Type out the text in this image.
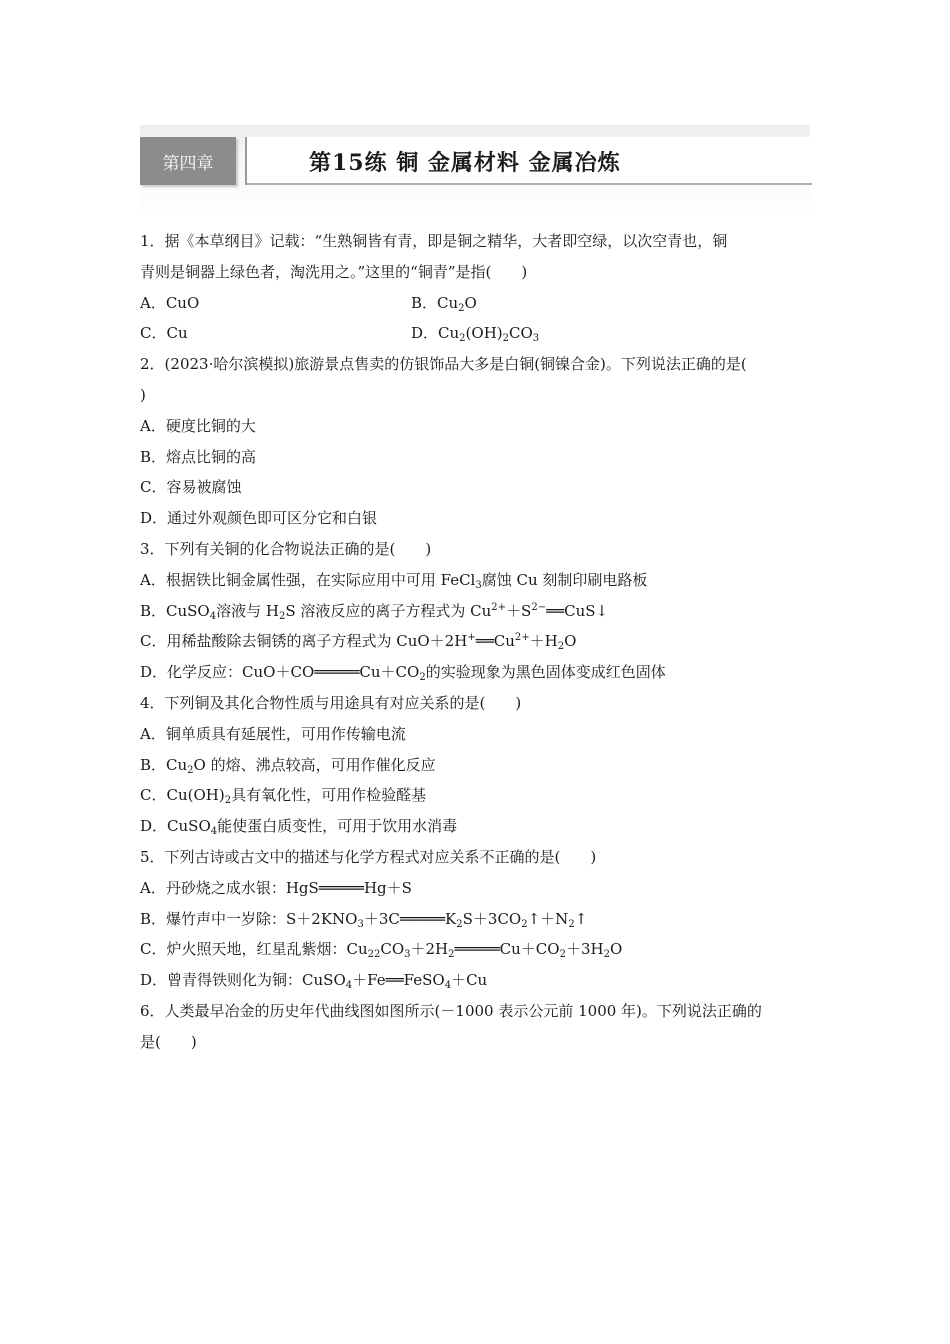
第四章	第15练 铜 金属材料 金属冶炼

1．据《本草纲目》记载：“生熟铜皆有青，即是铜之精华，大者即空绿，以次空青也，铜

青则是铜器上绿色者，淘洗用之。”这里的“铜青”是指(　　)

A．CuO	B．$Cu_2O$
C．Cu	D．$Cu_2(OH)_2CO_3$

2．(2023·哈尔滨模拟)旅游景点售卖的仿银饰品大多是白铜(铜镍合金)。下列说法正确的是(

)

A．硬度比铜的大

B．熔点比铜的高

C．容易被腐蚀

D．通过外观颜色即可区分它和白银

3．下列有关铜的化合物说法正确的是(　　)

A．根据铁比铜金属性强，在实际应用中可用 FeCl$_3$腐蚀 Cu 刻制印刷电路板

B．CuSO$_4$溶液与 $H_2S$ 溶液反应的离子方程式为 $Cu^{2+}+S^{2-}══CuS↓$

C．用稀盐酸除去铜锈的离子方程式为 $CuO+2H^+══Cu^{2+}+H_2O$

D．化学反应：$CuO+CO═════Cu+CO_2$的实验现象为黑色固体变成红色固体

4．下列铜及其化合物性质与用途具有对应关系的是(　　)

A．铜单质具有延展性，可用作传输电流

B．$Cu_2O$ 的熔、沸点较高，可用作催化反应

C．$Cu(OH)_2$具有氧化性，可用作检验醛基

D．CuSO$_4$能使蛋白质变性，可用于饮用水消毒

5．下列古诗或古文中的描述与化学方程式对应关系不正确的是(　　)

A．丹砂烧之成水银：HgS═════Hg＋S

B．爆竹声中一岁除：$S+2KNO_3+3C═════K_2S+3CO_2↑+N_2↑$

C．炉火照天地，红星乱紫烟：$Cu_{22}CO_3+2H_2═════Cu+CO_2+3H_2O$

D．曾青得铁则化为铜：CuSO$_4$＋Fe══FeSO$_4$＋Cu

6．人类最早冶金的历史年代曲线图如图所示(－1000 表示公元前 1000 年)。下列说法正确的

是(　　)
